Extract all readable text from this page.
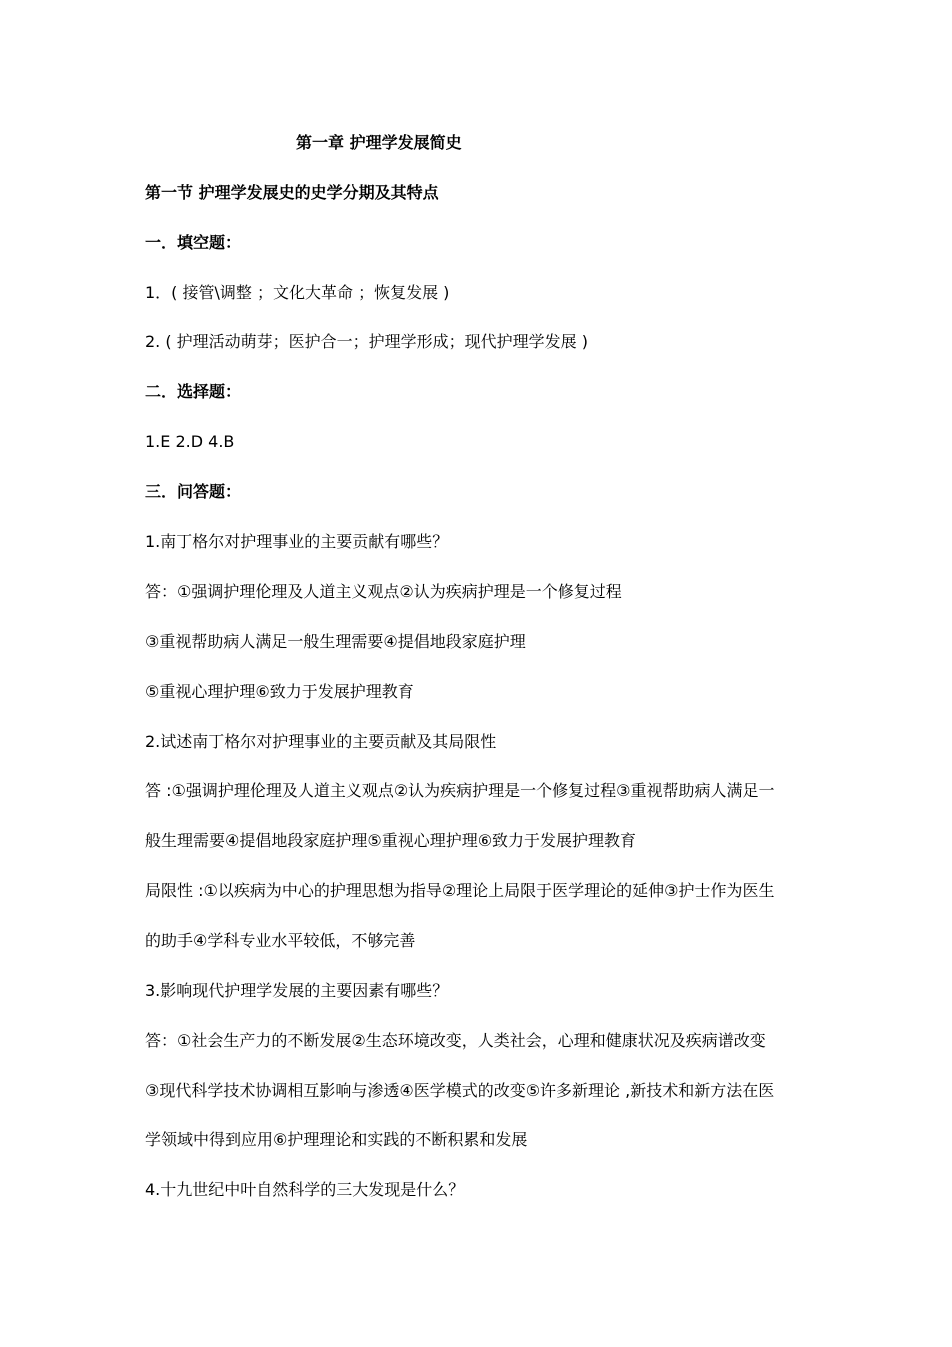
第一章 护理学发展简史
第一节 护理学发展史的史学分期及其特点
一．填空题：
1．( 接管\调整 ；文化大革命 ；恢复发展 )
2. ( 护理活动萌芽；医护合一；护理学形成；现代护理学发展 )
二．选择题：
1.E 2.D 4.B
三．问答题：
1.南丁格尔对护理事业的主要贡献有哪些？
答：①强调护理伦理及人道主义观点②认为疾病护理是一个修复过程
③重视帮助病人满足一般生理需要④提倡地段家庭护理
⑤重视心理护理⑥致力于发展护理教育
2.试述南丁格尔对护理事业的主要贡献及其局限性
答 :①强调护理伦理及人道主义观点②认为疾病护理是一个修复过程③重视帮助病人满足一
般生理需要④提倡地段家庭护理⑤重视心理护理⑥致力于发展护理教育
局限性 :①以疾病为中心的护理思想为指导②理论上局限于医学理论的延伸③护士作为医生
的助手④学科专业水平较低，不够完善
3.影响现代护理学发展的主要因素有哪些？
答：①社会生产力的不断发展②生态环境改变，人类社会，心理和健康状况及疾病谱改变
③现代科学技术协调相互影响与渗透④医学模式的改变⑤许多新理论 ,新技术和新方法在医
学领域中得到应用⑥护理理论和实践的不断积累和发展
4.十九世纪中叶自然科学的三大发现是什么？
